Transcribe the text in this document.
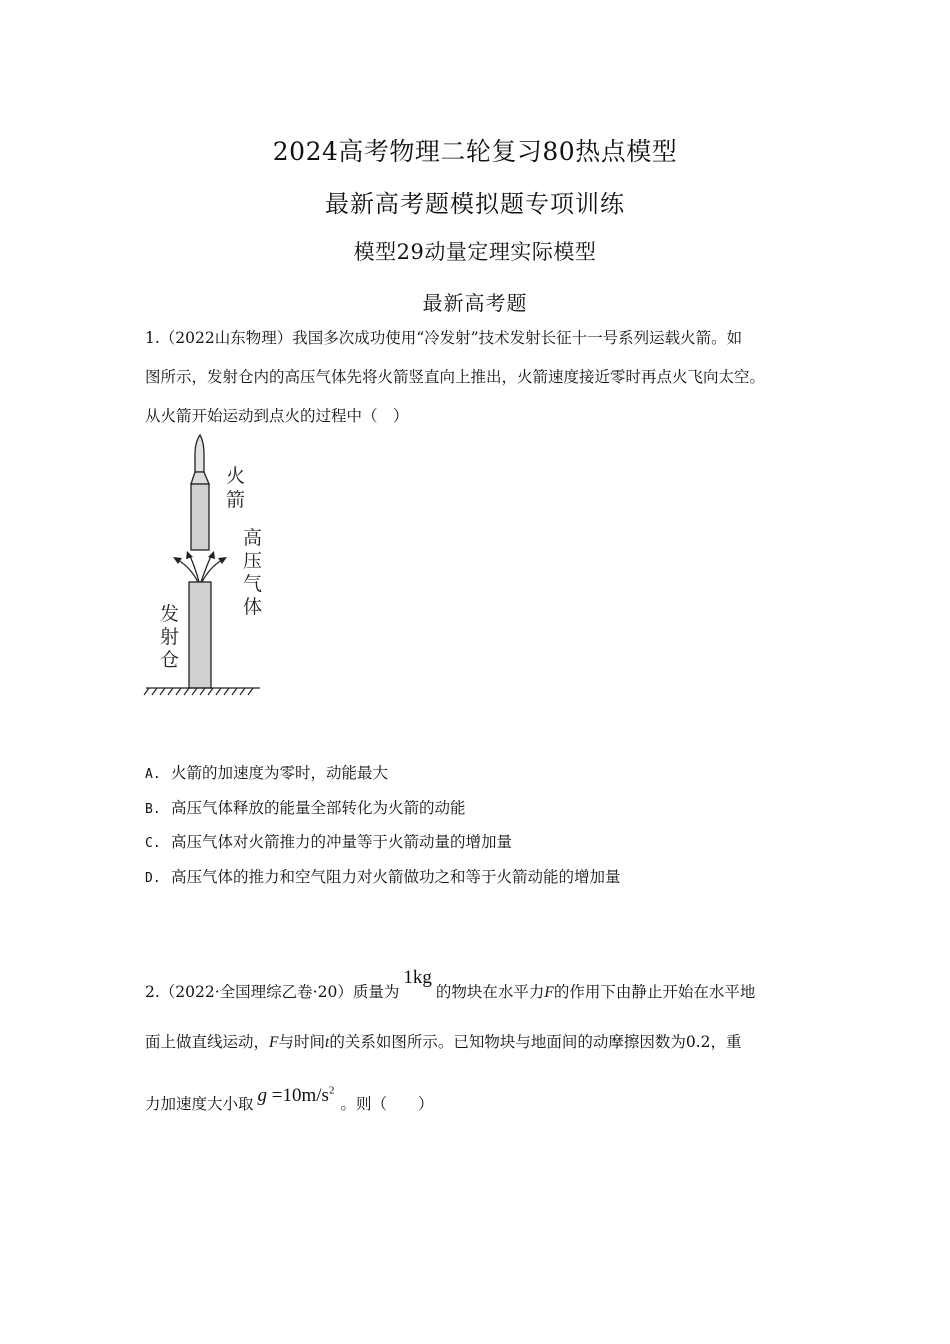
2024高考物理二轮复习80热点模型
最新高考题模拟题专项训练
模型29动量定理实际模型
最新高考题

1.（2022山东物理）我国多次成功使用“冷发射”技术发射长征十一号系列运载火箭。如

图所示，发射仓内的高压气体先将火箭竖直向上推出，火箭速度接近零时再点火飞向太空。

从火箭开始运动到点火的过程中（　）

火
箭
高
压
气
体
发
射
仓
A. 火箭的加速度为零时，动能最大
B. 高压气体释放的能量全部转化为火箭的动能
C. 高压气体对火箭推力的冲量等于火箭动量的增加量
D. 高压气体的推力和空气阻力对火箭做功之和等于火箭动能的增加量
2.（2022·全国理综乙卷·20）质量为1kg的物块在水平力F的作用下由静止开始在水平地
面上做直线运动，F与时间t的关系如图所示。已知物块与地面间的动摩擦因数为0.2，重
力加速度大小取 $g =10m/s^2$。则（　　）
